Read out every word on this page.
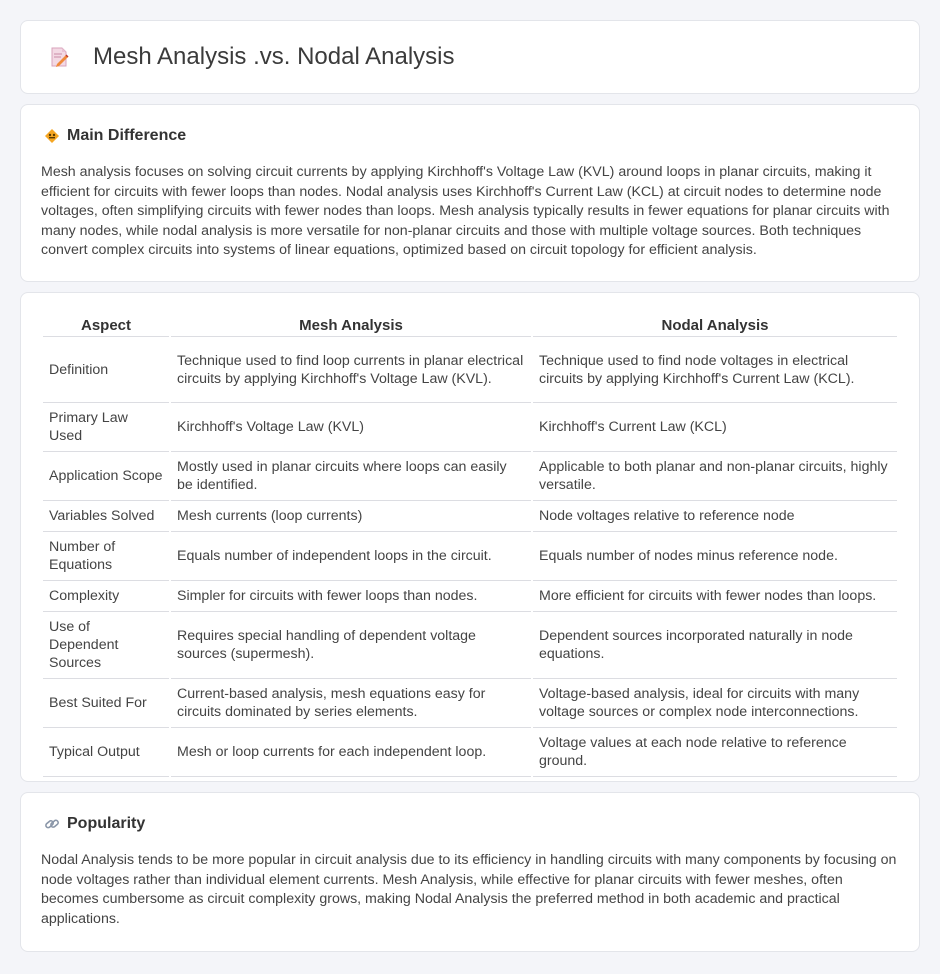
Mesh Analysis .vs. Nodal Analysis
Main Difference

Mesh analysis focuses on solving circuit currents by applying Kirchhoff's Voltage Law (KVL) around loops in planar circuits, making it efficient for circuits with fewer loops than nodes. Nodal analysis uses Kirchhoff's Current Law (KCL) at circuit nodes to determine node voltages, often simplifying circuits with fewer nodes than loops. Mesh analysis typically results in fewer equations for planar circuits with many nodes, while nodal analysis is more versatile for non-planar circuits and those with multiple voltage sources. Both techniques convert complex circuits into systems of linear equations, optimized based on circuit topology for efficient analysis.

Aspect	Mesh Analysis	Nodal Analysis
Definition	Technique used to find loop currents in planar electrical circuits by applying Kirchhoff's Voltage Law (KVL).	Technique used to find node voltages in electrical circuits by applying Kirchhoff's Current Law (KCL).
Primary Law Used	Kirchhoff's Voltage Law (KVL)	Kirchhoff's Current Law (KCL)
Application Scope	Mostly used in planar circuits where loops can easily be identified.	Applicable to both planar and non-planar circuits, highly versatile.
Variables Solved	Mesh currents (loop currents)	Node voltages relative to reference node
Number of Equations	Equals number of independent loops in the circuit.	Equals number of nodes minus reference node.
Complexity	Simpler for circuits with fewer loops than nodes.	More efficient for circuits with fewer nodes than loops.
Use of Dependent Sources	Requires special handling of dependent voltage sources (supermesh).	Dependent sources incorporated naturally in node equations.
Best Suited For	Current-based analysis, mesh equations easy for circuits dominated by series elements.	Voltage-based analysis, ideal for circuits with many voltage sources or complex node interconnections.
Typical Output	Mesh or loop currents for each independent loop.	Voltage values at each node relative to reference ground.
Popularity

Nodal Analysis tends to be more popular in circuit analysis due to its efficiency in handling circuits with many components by focusing on node voltages rather than individual element currents. Mesh Analysis, while effective for planar circuits with fewer meshes, often becomes cumbersome as circuit complexity grows, making Nodal Analysis the preferred method in both academic and practical applications.
